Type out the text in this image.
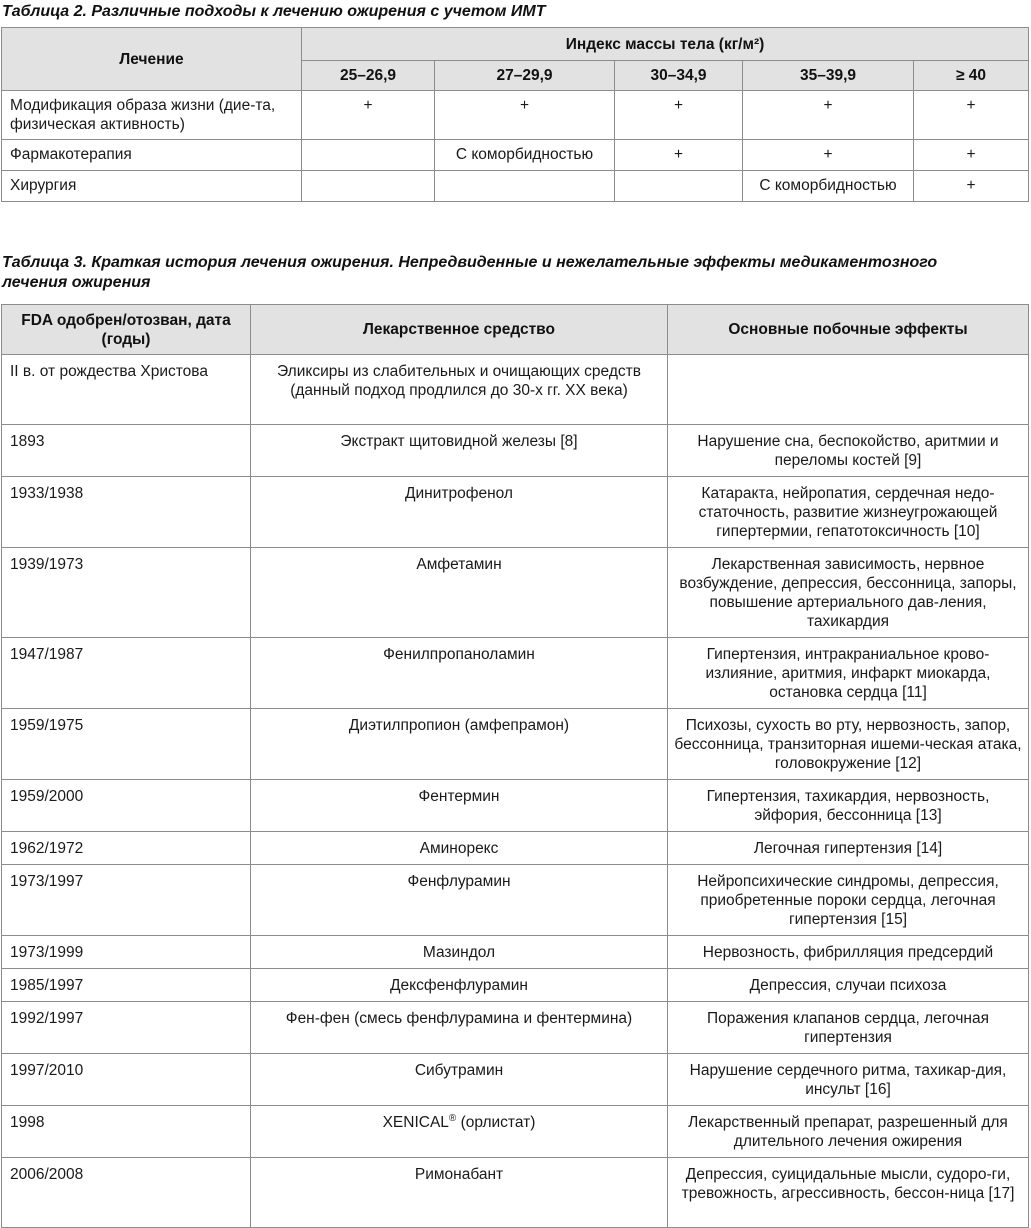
Таблица 2. Различные подходы к лечению ожирения с учетом ИМТ
Лечение	Индекс массы тела (кг/м²)				
	25–26,9	27–29,9	30–34,9	35–39,9	≥ 40
Модификация образа жизни (дие-та, физическая активность)	+	+	+	+	+
Фармакотерапия		С коморбидностью	+	+	+
Хирургия				С коморбидностью	+
Таблица 3. Краткая история лечения ожирения. Непредвиденные и нежелательные эффекты медикаментозного лечения ожирения
FDA одобрен/отозван, дата (годы)	Лекарственное средство	Основные побочные эффекты
II в. от рождества Христова	Эликсиры из слабительных и очищающих средств (данный подход продлился до 30-х гг. XX века)	
1893	Экстракт щитовидной железы [8]	Нарушение сна, беспокойство, аритмии и переломы костей [9]
1933/1938	Динитрофенол	Катаракта, нейропатия, сердечная недо-статочность, развитие жизнеугрожающей гипертермии, гепатотоксичность [10]
1939/1973	Амфетамин	Лекарственная зависимость, нервное возбуждение, депрессия, бессонница, запоры, повышение артериального дав-ления, тахикардия
1947/1987	Фенилпропаноламин	Гипертензия, интракраниальное крово-излияние, аритмия, инфаркт миокарда, остановка сердца [11]
1959/1975	Диэтилпропион (амфепрамон)	Психозы, сухость во рту, нервозность, запор, бессонница, транзиторная ишеми-ческая атака, головокружение [12]
1959/2000	Фентермин	Гипертензия, тахикардия, нервозность, эйфория, бессонница [13]
1962/1972	Аминорекс	Легочная гипертензия [14]
1973/1997	Фенфлурамин	Нейропсихические синдромы, депрессия, приобретенные пороки сердца, легочная гипертензия [15]
1973/1999	Мазиндол	Нервозность, фибрилляция предсердий
1985/1997	Дексфенфлурамин	Депрессия, случаи психоза
1992/1997	Фен-фен (смесь фенфлурамина и фентермина)	Поражения клапанов сердца, легочная гипертензия
1997/2010	Сибутрамин	Нарушение сердечного ритма, тахикар-дия, инсульт [16]
1998	XENICAL® (орлистат)	Лекарственный препарат, разрешенный для длительного лечения ожирения
2006/2008	Римонабант	Депрессия, суицидальные мысли, судоро-ги, тревожность, агрессивность, бессон-ница [17]
